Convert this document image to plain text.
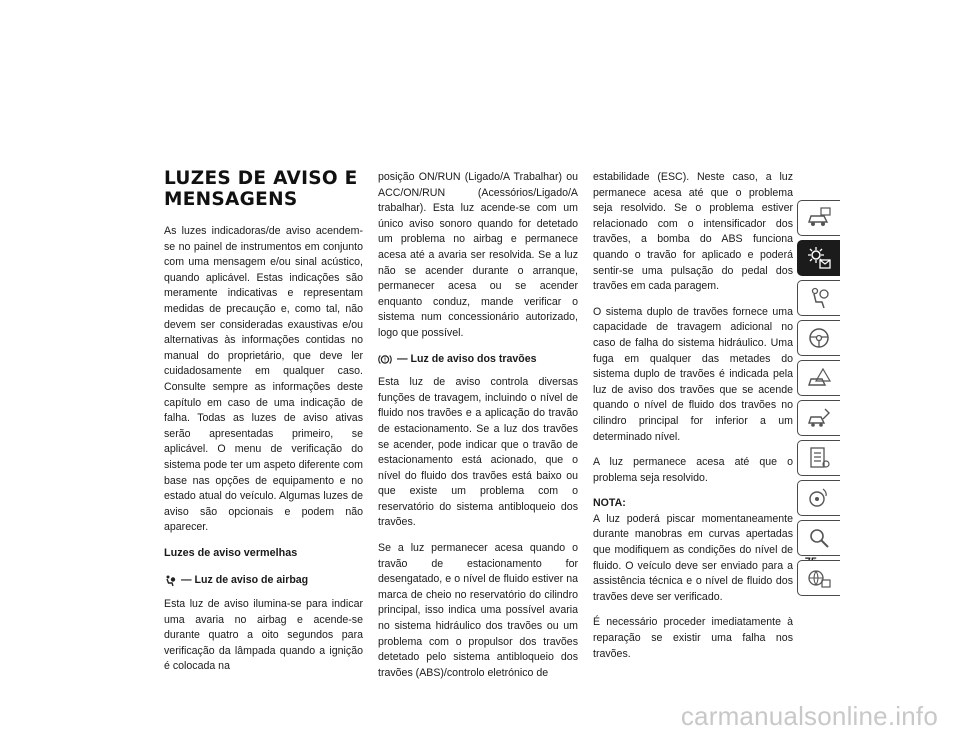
LUZES DE AVISO E MENSAGENS

As luzes indicadoras/de aviso acendem-se no painel de instrumentos em conjunto com uma mensagem e/ou sinal acústico, quando aplicável. Estas indicações são meramente indicativas e representam medidas de precaução e, como tal, não devem ser consideradas exaustivas e/ou alternativas às informações contidas no manual do proprietário, que deve ler cuidadosamente em qualquer caso. Consulte sempre as informações deste capítulo em caso de uma indicação de falha. Todas as luzes de aviso ativas serão apresentadas primeiro, se aplicável. O menu de verificação do sistema pode ter um aspeto diferente com base nas opções de equipamento e no estado atual do veículo. Algumas luzes de aviso são opcionais e podem não aparecer.

Luzes de aviso vermelhas
— Luz de aviso de airbag

Esta luz de aviso ilumina-se para indicar uma avaria no airbag e acende-se durante quatro a oito segundos para verificação da lâmpada quando a ignição é colocada na

posição ON/RUN (Ligado/A Trabalhar) ou ACC/ON/RUN (Acessórios/Ligado/A trabalhar). Esta luz acende-se com um único aviso sonoro quando for detetado um problema no airbag e permanece acesa até a avaria ser resolvida. Se a luz não se acender durante o arranque, permanecer acesa ou se acender enquanto conduz, mande verificar o sistema num concessionário autorizado, logo que possível.

! — Luz de aviso dos travões

Esta luz de aviso controla diversas funções de travagem, incluindo o nível de fluido nos travões e a aplicação do travão de estacionamento. Se a luz dos travões se acender, pode indicar que o travão de estacionamento está acionado, que o nível do fluido dos travões está baixo ou que existe um problema com o reservatório do sistema antibloqueio dos travões.

Se a luz permanecer acesa quando o travão de estacionamento for desengatado, e o nível de fluido estiver na marca de cheio no reservatório do cilindro principal, isso indica uma possível avaria no sistema hidráulico dos travões ou um problema com o propulsor dos travões detetado pelo sistema antibloqueio dos travões (ABS)/controlo eletrónico de

estabilidade (ESC). Neste caso, a luz permanece acesa até que o problema seja resolvido. Se o problema estiver relacionado com o intensificador dos travões, a bomba do ABS funciona quando o travão for aplicado e poderá sentir-se uma pulsação do pedal dos travões em cada paragem.

O sistema duplo de travões fornece uma capacidade de travagem adicional no caso de falha do sistema hidráulico. Uma fuga em qualquer das metades do sistema duplo de travões é indicada pela luz de aviso dos travões que se acende quando o nível de fluido dos travões no cilindro principal for inferior a um determinado nível.

A luz permanece acesa até que o problema seja resolvido.

NOTA:

A luz poderá piscar momentaneamente durante manobras em curvas apertadas que modifiquem as condições do nível de fluido. O veículo deve ser enviado para a assistência técnica e o nível de fluido dos travões deve ser verificado.

É necessário proceder imediatamente à reparação se existir uma falha nos travões.

carmanualsonline.info
